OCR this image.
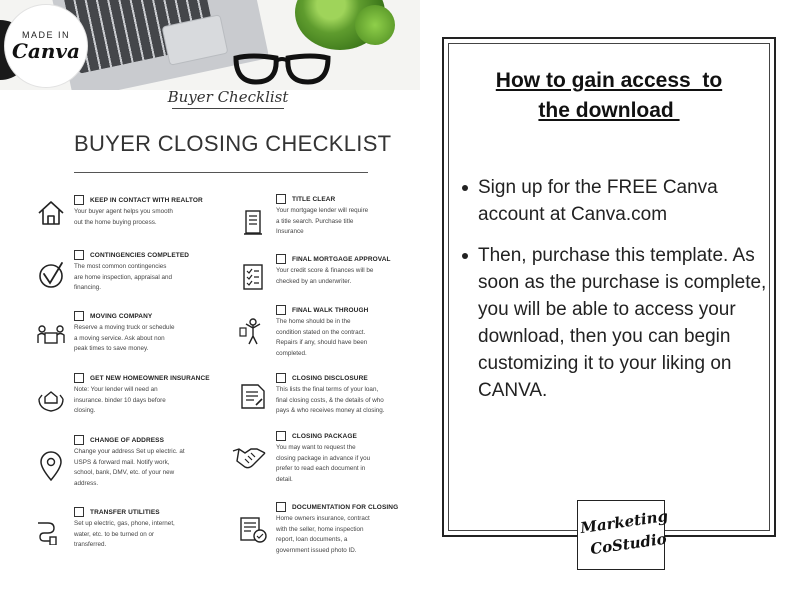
MADE IN
Canva
Buyer Checklist
BUYER CLOSING CHECKLIST
KEEP IN CONTACT WITH REALTOR
Your buyer agent helps you smooth
out the home buying process.
CONTINGENCIES COMPLETED
The most common contingencies
are home inspection, appraisal and
financing.
MOVING COMPANY
Reserve a moving truck or schedule
a moving service. Ask about non
peak times to save money.
GET NEW HOMEOWNER INSURANCE
Note: Your lender will need an
insurance. binder 10 days before
closing.
CHANGE OF ADDRESS
Change your address Set up electric. at
USPS & forward mail. Notify work,
school, bank, DMV, etc. of your new
address.
TRANSFER UTILITIES
Set up electric, gas, phone, internet,
water, etc. to be turned on or
transferred.
TITLE CLEAR
Your mortgage lender will require
a title search. Purchase title
Insurance
FINAL MORTGAGE APPROVAL
Your credit score & finances will be
checked by an underwriter.
FINAL WALK THROUGH
The home should be in the
condition stated on the contract.
Repairs if any, should have been
completed.
CLOSING DISCLOSURE
This lists the final terms of your loan,
final closing costs, & the details of who
pays & who receives money at closing.
CLOSING PACKAGE
You may want to request the
closing package in advance if you
prefer to read each document in
detail.
DOCUMENTATION FOR CLOSING
Home owners insurance, contract
with the seller, home inspection
report, loan documents, a
government issued photo ID.
How to gain access  to
the download
Sign up for the FREE Canva account at Canva.com
Then, purchase this template. As soon as the purchase is complete, you will be able to access your download, then you can begin customizing it to your liking on CANVA.
Marketing
CoStudio
